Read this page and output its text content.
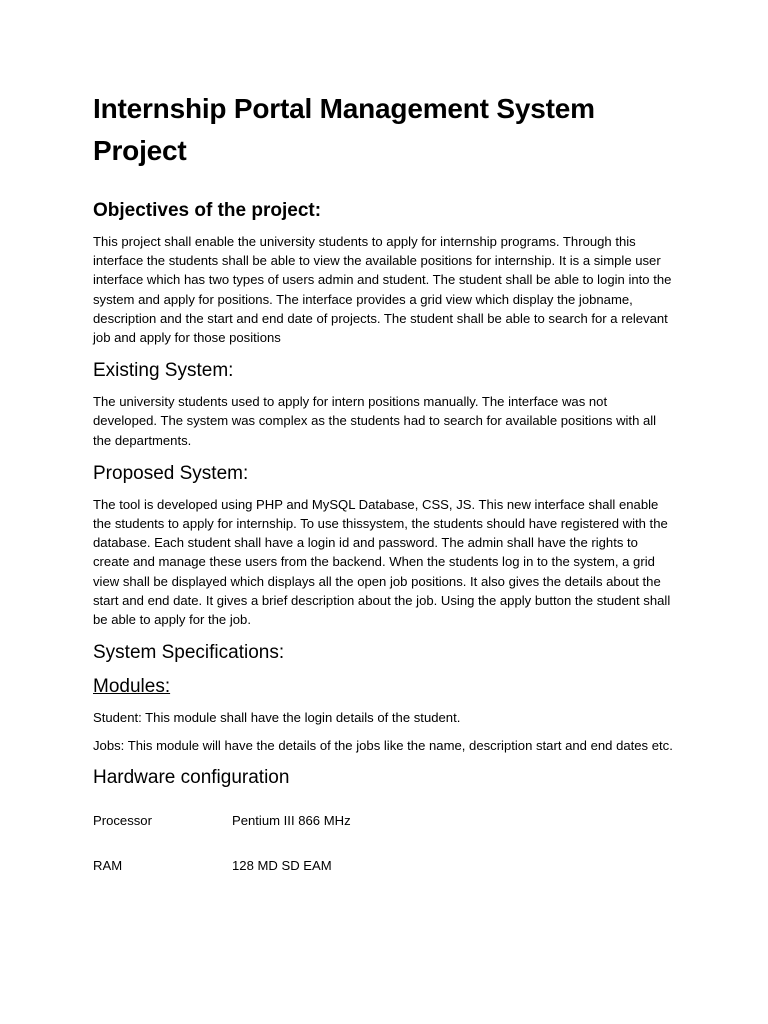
Internship Portal Management System Project
Objectives of the project:

This project shall enable the university students to apply for internship programs. Through this interface the students shall be able to view the available positions for internship. It is a simple user interface which has two types of users admin and student. The student shall be able to login into the system and apply for positions. The interface provides a grid view which display the jobname, description and the start and end date of projects. The student shall be able to search for a relevant job and apply for those positions

Existing System:

The university students used to apply for intern positions manually. The interface was not developed. The system was complex as the students had to search for available positions with all the departments.

Proposed System:

The tool is developed using PHP and MySQL Database, CSS, JS. This new interface shall enable the students to apply for internship. To use thissystem, the students should have registered with the database. Each student shall have a login id and password. The admin shall have the rights to create and manage these users from the backend. When the students log in to the system, a grid view shall be displayed which displays all the open job positions. It also gives the details about the start and end date. It gives a brief description about the job. Using the apply button the student shall be able to apply for the job.

System Specifications:
Modules:

Student: This module shall have the login details of the student.

Jobs: This module will have the details of the jobs like the name, description start and end dates etc.

Hardware configuration
Processor	Pentium III 866 MHz

RAM	128 MD SD EAM
